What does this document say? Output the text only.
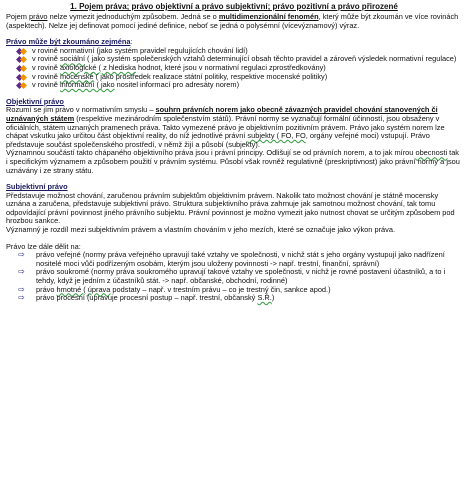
1. Pojem práva; právo objektivní a právo subjektivní; právo pozitivní a právo přirozené

Pojem právo nelze vymezit jednoduchým způsobem. Jedná se o multidimenzionální fenomén, který může být zkoumán ve více rovinách (aspektech). Nelze jej definovat pomocí jediné definice, neboť se jedná o polysémní (vícevýznamový) výraz.

Právo může být zkoumáno zejména:

v rovině normativní (jako systém pravidel regulujících chování lidí)
v rovině sociální ( jako systém společenských vztahů determinující obsah těchto pravidel a zároveň výsledek normativní regulace)
v rovině axiologické ( z hlediska hodnot, které jsou v normativní regulaci zprostředkovány)
v rovině mocenské ( jako prostředek realizace státní politiky, respektive mocenské politiky)
v rovině informační ( jako nositel informací pro adresáty norem)

Objektivní právo

Rozumí se jím právo v normativním smyslu – souhrn právních norem jako obecně závazných pravidel chování stanovených či uznávaných státem (respektive mezinárodním společenstvím států). Právní normy se vyznačují formální účinností, jsou obsaženy v oficiálních, státem uznaných pramenech práva. Takto vymezené právo je objektivním pozitivním právem. Právo jako systém norem lze chápat vskutku jako určitou část objektivní reality, do níž jednotlivé právní subjekty ( FO, FO, orgány veřejné moci) vstupují. Právo představuje součást společenského prostředí, v němž žijí a působí (subjekty).

Významnou součástí takto chápaného objektivního práva jsou i právní principy. Odlišují se od právních norem, a to jak mírou obecnosti tak i specifickým významem a způsobem použití v právním systému. Působí však rovněž regulativně (preskriptivnost) jako právní normy a jsou uznávány i ze strany státu.

Subjektivní právo

Představuje možnost chování, zaručenou právním subjektům objektivním právem. Nakolik tato možnost chování je státně mocensky uznána a zaručena, představuje subjektivní právo. Struktura subjektivního práva zahrnuje jak samotnou možnost chování, tak tomu odpovídající právní povinnost jiného právního subjektu. Právní povinnost je možno vymezit jako nutnost chovat se určitým způsobem pod hrozbou sankce.

Významný je rozdíl mezi subjektivním právem a vlastním chováním v jeho mezích, které se označuje jako výkon práva.

Právo lze dále dělit na:

⇨ právo veřejné (normy práva veřejného upravují také vztahy ve společnosti, v nichž stát s jeho orgány vystupují jako nadřízení nositelé moci vůči podřízeným osobám, kterým jsou uloženy povinnosti -> např. trestní, finanční, správní)
⇨ právo soukromé (normy práva soukromého upravují takové vztahy ve společnosti, v nichž je rovné postavení účastníků, a to i tehdy, když je jedním z účastníků stát. -> např. občanské, obchodní, rodinné)
⇨ právo hmotné ( úprava podstaty – např. v trestním právu – co je trestný čin, sankce apod.)
⇨ právo procesní (upravuje procesní postup – např. trestní, občanský S.Ř.)
